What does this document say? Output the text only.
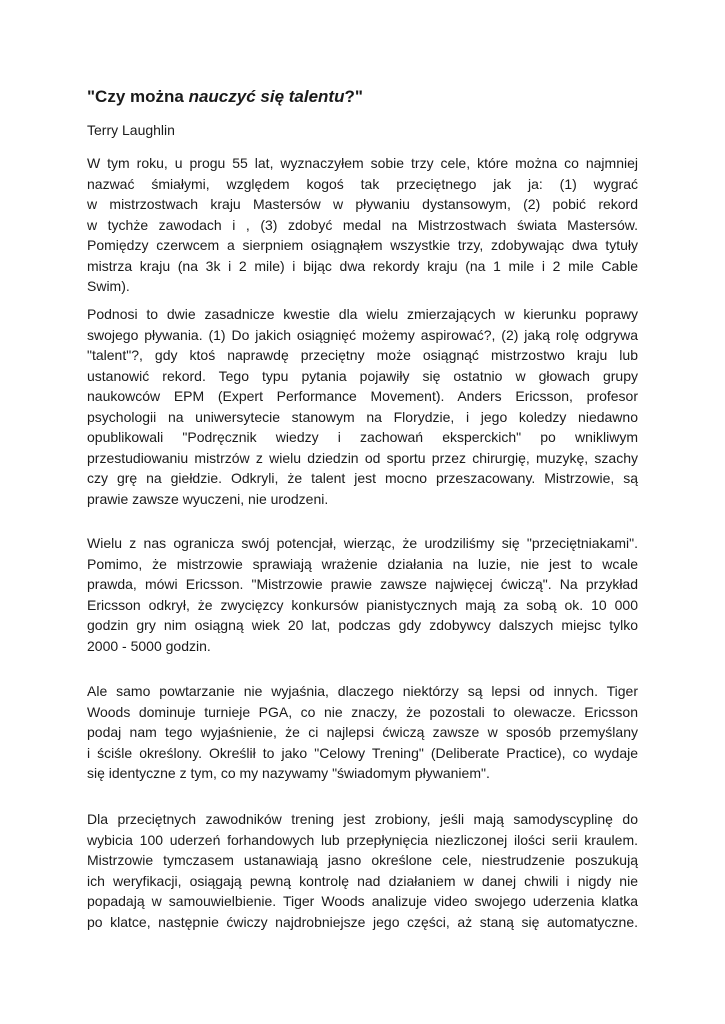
"Czy można nauczyć się talentu?"

Terry Laughlin

W tym roku, u progu 55 lat, wyznaczyłem sobie trzy cele, które można co najmniej
nazwać śmiałymi, względem kogoś tak przeciętnego jak ja: (1) wygrać
w mistrzostwach kraju Mastersów w pływaniu dystansowym, (2) pobić rekord
w tychże zawodach i , (3) zdobyć medal na Mistrzostwach świata Mastersów.
Pomiędzy czerwcem a sierpniem osiągnąłem wszystkie trzy, zdobywając dwa tytuły
mistrza kraju (na 3k i 2 mile) i bijąc dwa rekordy kraju (na 1 mile i 2 mile Cable
Swim).
Podnosi to dwie zasadnicze kwestie dla wielu zmierzających w kierunku poprawy
swojego pływania. (1) Do jakich osiągnięć możemy aspirować?, (2) jaką rolę odgrywa
"talent"?, gdy ktoś naprawdę przeciętny może osiągnąć mistrzostwo kraju lub
ustanowić rekord. Tego typu pytania pojawiły się ostatnio w głowach grupy
naukowców EPM (Expert Performance Movement). Anders Ericsson, profesor
psychologii na uniwersytecie stanowym na Florydzie, i jego koledzy niedawno
opublikowali "Podręcznik wiedzy i zachowań eksperckich" po wnikliwym
przestudiowaniu mistrzów z wielu dziedzin od sportu przez chirurgię, muzykę, szachy
czy grę na giełdzie. Odkryli, że talent jest mocno przeszacowany. Mistrzowie, są
prawie zawsze wyuczeni, nie urodzeni.
Wielu z nas ogranicza swój potencjał, wierząc, że urodziliśmy się "przeciętniakami".
Pomimo, że mistrzowie sprawiają wrażenie działania na luzie, nie jest to wcale
prawda, mówi Ericsson. "Mistrzowie prawie zawsze najwięcej ćwiczą". Na przykład
Ericsson odkrył, że zwycięzcy konkursów pianistycznych mają za sobą ok. 10 000
godzin gry nim osiągną wiek 20 lat, podczas gdy zdobywcy dalszych miejsc tylko
2000 - 5000 godzin.
Ale samo powtarzanie nie wyjaśnia, dlaczego niektórzy są lepsi od innych. Tiger
Woods dominuje turnieje PGA, co nie znaczy, że pozostali to olewacze. Ericsson
podaj nam tego wyjaśnienie, że ci najlepsi ćwiczą zawsze w sposób przemyślany
i ściśle określony. Określił to jako "Celowy Trening" (Deliberate Practice), co wydaje
się identyczne z tym, co my nazywamy "świadomym pływaniem".
Dla przeciętnych zawodników trening jest zrobiony, jeśli mają samodyscyplinę do
wybicia 100 uderzeń forhandowych lub przepłynięcia niezliczonej ilości serii kraulem.
Mistrzowie tymczasem ustanawiają jasno określone cele, niestrudzenie poszukują
ich weryfikacji, osiągają pewną kontrolę nad działaniem w danej chwili i nigdy nie
popadają w samouwielbienie. Tiger Woods analizuje video swojego uderzenia klatka
po klatce, następnie ćwiczy najdrobniejsze jego części, aż staną się automatyczne.
